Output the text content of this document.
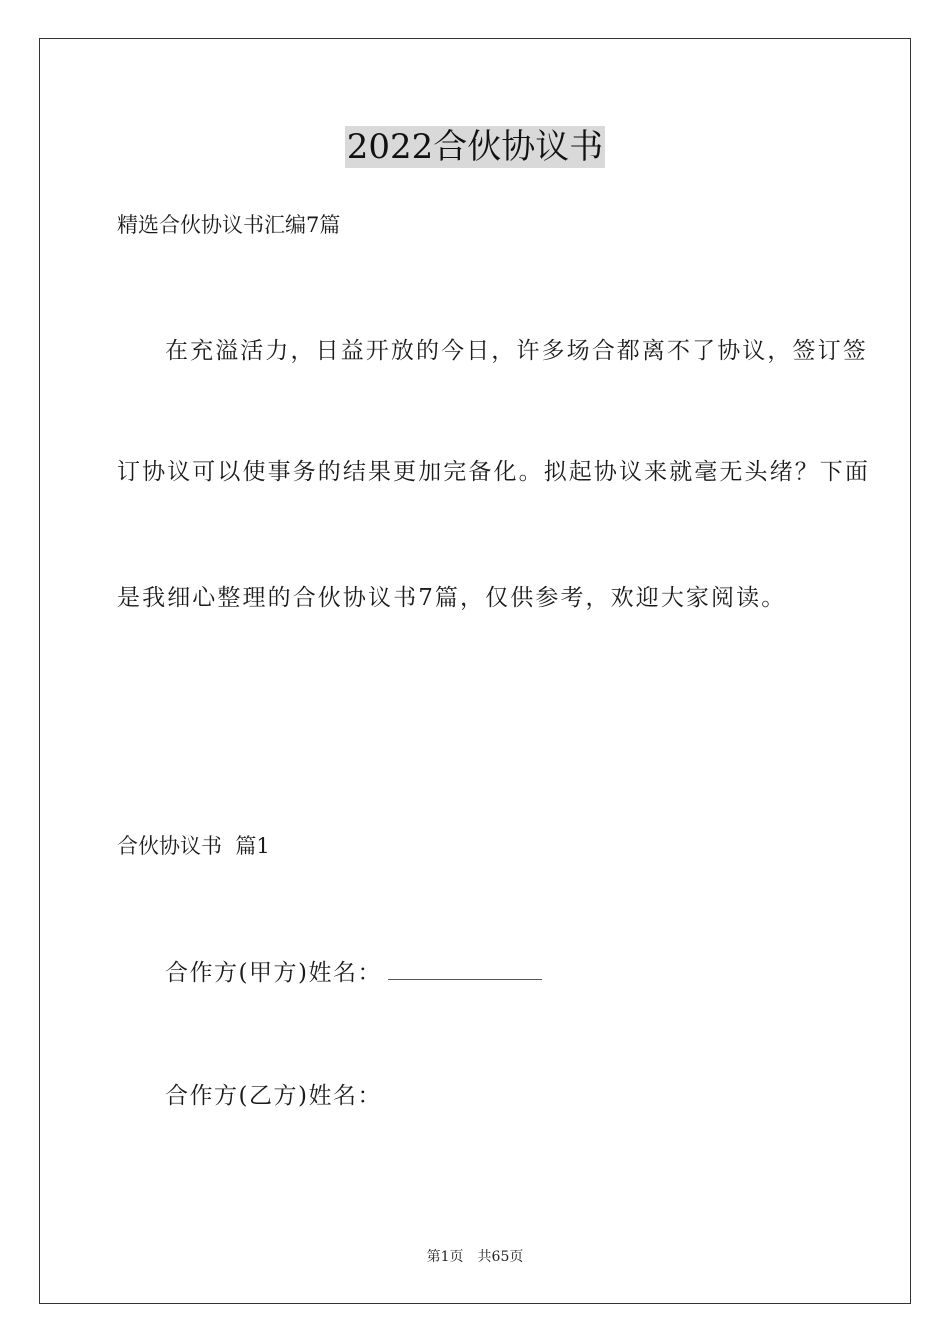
2022合伙协议书
精选合伙协议书汇编7篇
在充溢活力，日益开放的今日，许多场合都离不了协议，签订签
订协议可以使事务的结果更加完备化。拟起协议来就毫无头绪？下面
是我细心整理的合伙协议书7篇，仅供参考，欢迎大家阅读。
合伙协议书  篇1
合作方(甲方)姓名：
合作方(乙方)姓名：
第1页 共65页
